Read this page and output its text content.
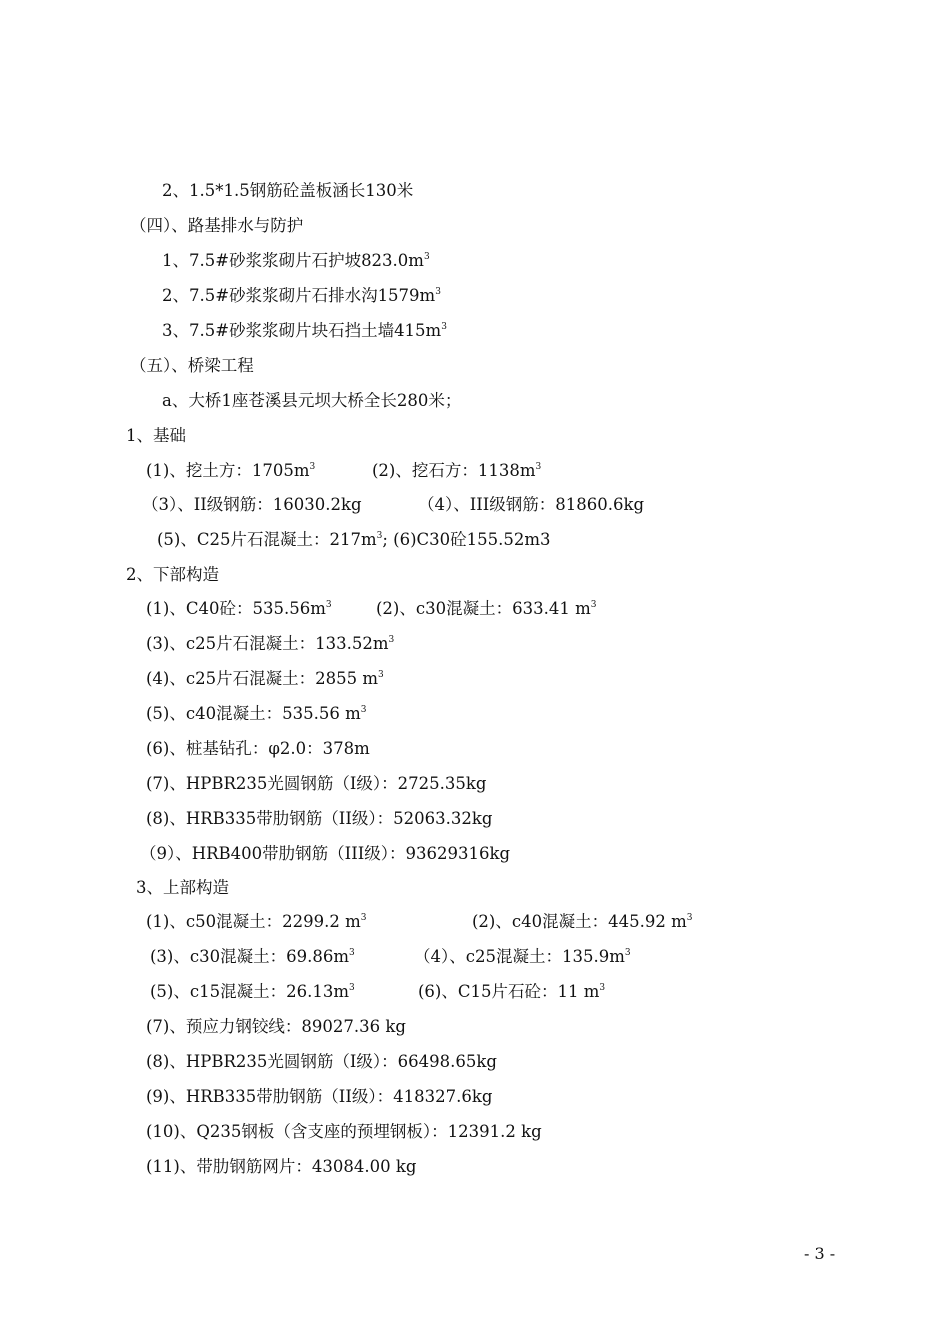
2、1.5*1.5钢筋砼盖板涵长130米
（四）、路基排水与防护
1、7.5#砂浆浆砌片石护坡$823.0m^3$
2、7.5#砂浆浆砌片石排水沟$1579m^3$
3、7.5#砂浆浆砌片块石挡土墙$415m^3$
（五）、桥梁工程
a、大桥1座苍溪县元坝大桥全长280米；
1、基础
(1)、挖土方：$1705m^3$	(2)、挖石方：$1138m^3$
（3）、II级钢筋：16030.2kg	（4）、III级钢筋：81860.6kg
(5)、C25片石混凝土：$217m^3$; (6)C30砼155.52m3
2、下部构造
(1)、C40砼：$535.56m^3$	(2)、c30混凝土：633.41 $m^3$
(3)、c25片石混凝土：$133.52m^3$
(4)、c25片石混凝土：2855 $m^3$
(5)、c40混凝土：535.56 $m^3$
(6)、桩基钻孔：φ2.0：378m
(7)、HPBR235光圆钢筋（I级）：2725.35kg
(8)、HRB335带肋钢筋（II级）：52063.32kg
（9）、HRB400带肋钢筋（III级）：93629316kg
3、上部构造
(1)、c50混凝土：2299.2 $m^3$	(2)、c40混凝土：445.92 $m^3$
(3)、c30混凝土：$69.86m^3$	（4）、c25混凝土：$135.9m^3$
(5)、c15混凝土：$26.13m^3$	(6)、C15片石砼：11 $m^3$
(7)、预应力钢铰线：89027.36 kg
(8)、HPBR235光圆钢筋（I级）：66498.65kg
(9)、HRB335带肋钢筋（II级）：418327.6kg
(10)、Q235钢板（含支座的预埋钢板）：12391.2 kg
(11)、带肋钢筋网片：43084.00 kg
- 3 -
